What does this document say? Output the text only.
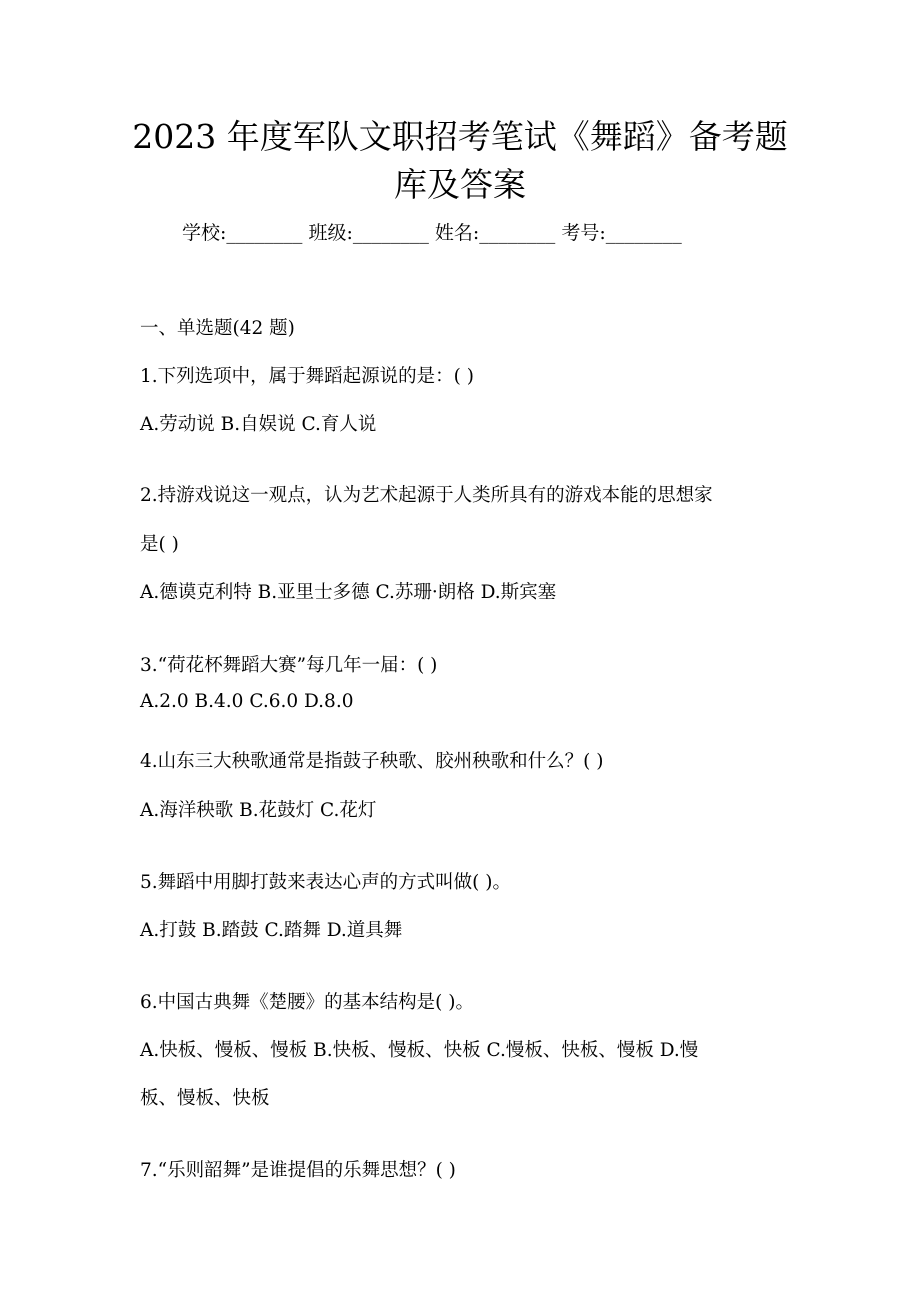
2023 年度军队文职招考笔试《舞蹈》备考题
库及答案
学校:________ 班级:________ 姓名:________ 考号:________
一、单选题(42 题)
1.下列选项中，属于舞蹈起源说的是：( )
A.劳动说 B.自娱说 C.育人说
2.持游戏说这一观点，认为艺术起源于人类所具有的游戏本能的思想家
是( )
A.德谟克利特 B.亚里士多德 C.苏珊·朗格 D.斯宾塞
3.“荷花杯舞蹈大赛”每几年一届：( )
A.2.0 B.4.0 C.6.0 D.8.0
4.山东三大秧歌通常是指鼓子秧歌、胶州秧歌和什么？( )
A.海洋秧歌 B.花鼓灯 C.花灯
5.舞蹈中用脚打鼓来表达心声的方式叫做( )。
A.打鼓 B.踏鼓 C.踏舞 D.道具舞
6.中国古典舞《楚腰》的基本结构是( )。
A.快板、慢板、慢板 B.快板、慢板、快板 C.慢板、快板、慢板 D.慢
板、慢板、快板
7.“乐则韶舞”是谁提倡的乐舞思想？( )
